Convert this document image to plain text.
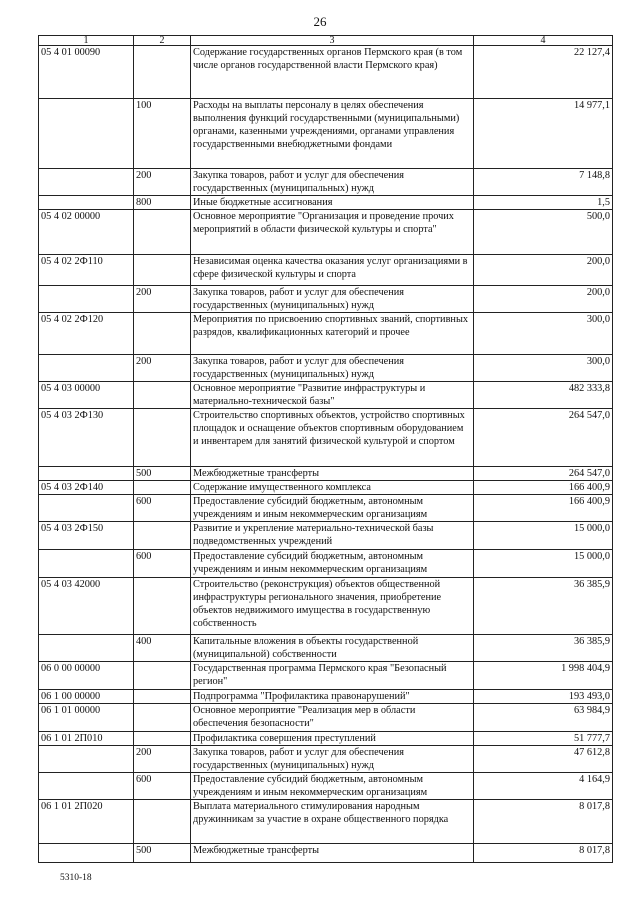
26
1	2	3	4
05 4 01 00090		Содержание государственных органов Пермского края (в том числе органов государственной власти Пермского края)	22 127,4
	100	Расходы на выплаты персоналу в целях обеспечения выполнения функций государственными (муниципальными) органами, казенными учреждениями, органами управления государственными внебюджетными фондами	14 977,1
	200	Закупка товаров, работ и услуг для обеспечения государственных (муниципальных) нужд	7 148,8
	800	Иные бюджетные ассигнования	1,5
05 4 02 00000		Основное мероприятие "Организация и проведение прочих мероприятий в области физической культуры и спорта"	500,0
05 4 02 2Ф110		Независимая оценка качества оказания услуг организациями в сфере физической культуры и спорта	200,0
	200	Закупка товаров, работ и услуг для обеспечения государственных (муниципальных) нужд	200,0
05 4 02 2Ф120		Мероприятия по присвоению спортивных званий, спортивных разрядов, квалификационных категорий и прочее	300,0
	200	Закупка товаров, работ и услуг для обеспечения государственных (муниципальных) нужд	300,0
05 4 03 00000		Основное мероприятие "Развитие инфраструктуры и материально-технической базы"	482 333,8
05 4 03 2Ф130		Строительство спортивных объектов, устройство спортивных площадок и оснащение объектов спортивным оборудованием и инвентарем для занятий физической культурой и спортом	264 547,0
	500	Межбюджетные трансферты	264 547,0
05 4 03 2Ф140		Содержание имущественного комплекса	166 400,9
	600	Предоставление субсидий бюджетным, автономным учреждениям и иным некоммерческим организациям	166 400,9
05 4 03 2Ф150		Развитие и укрепление материально-технической базы подведомственных учреждений	15 000,0
	600	Предоставление субсидий бюджетным, автономным учреждениям и иным некоммерческим организациям	15 000,0
05 4 03 42000		Строительство (реконструкция) объектов общественной инфраструктуры регионального значения, приобретение объектов недвижимого имущества в государственную собственность	36 385,9
	400	Капитальные вложения в объекты государственной (муниципальной) собственности	36 385,9
06 0 00 00000		Государственная программа Пермского края "Безопасный регион"	1 998 404,9
06 1 00 00000		Подпрограмма "Профилактика правонарушений"	193 493,0
06 1 01 00000		Основное мероприятие "Реализация мер в области обеспечения безопасности"	63 984,9
06 1 01 2П010		Профилактика совершения преступлений	51 777,7
	200	Закупка товаров, работ и услуг для обеспечения государственных (муниципальных) нужд	47 612,8
	600	Предоставление субсидий бюджетным, автономным учреждениям и иным некоммерческим организациям	4 164,9
06 1 01 2П020		Выплата материального стимулирования народным дружинникам за участие в охране общественного порядка	8 017,8
	500	Межбюджетные трансферты	8 017,8
5310-18
